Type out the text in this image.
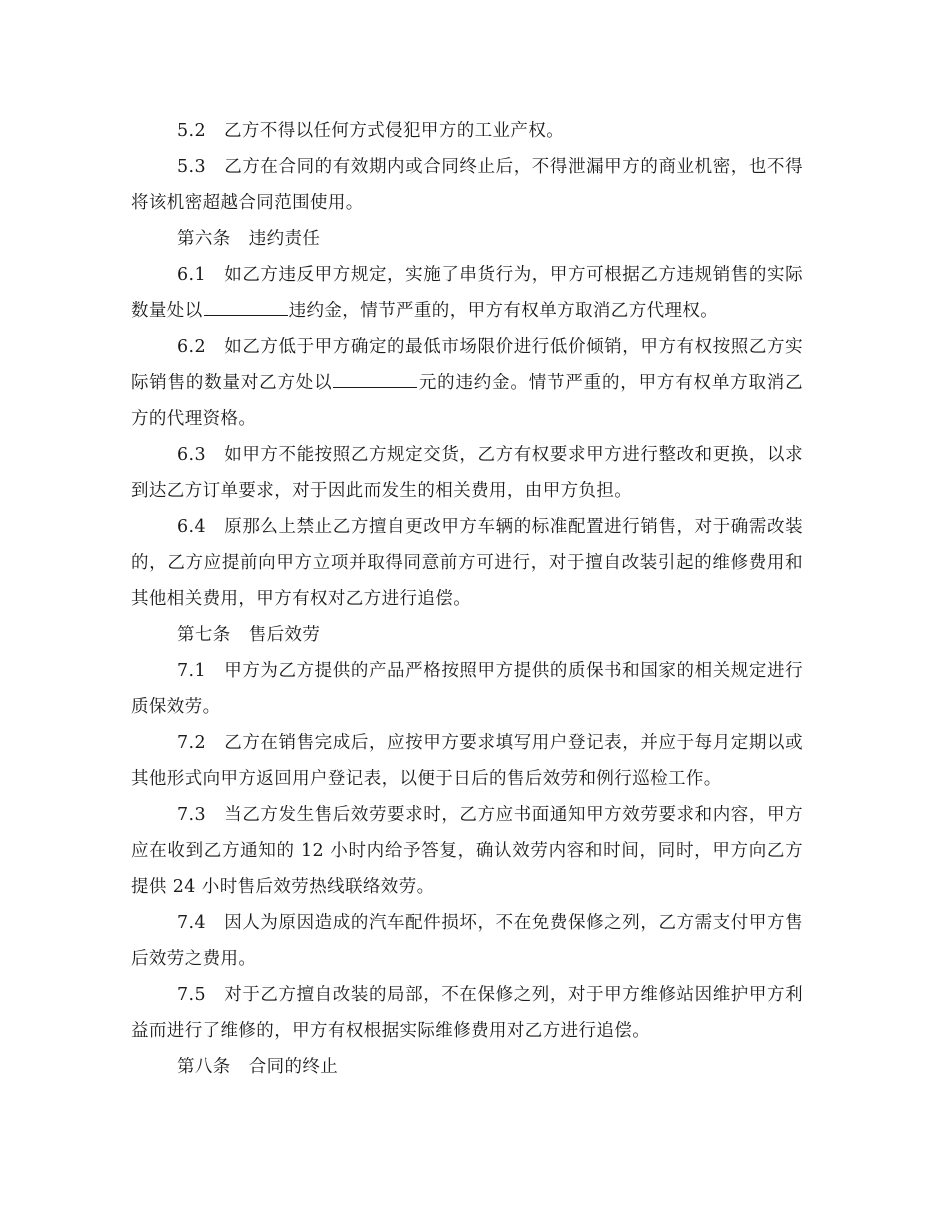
5.2 乙方不得以任何方式侵犯甲方的工业产权。

5.3 乙方在合同的有效期内或合同终止后，不得泄漏甲方的商业机密，也不得将该机密超越合同范围使用。

第六条 违约责任

6.1 如乙方违反甲方规定，实施了串货行为，甲方可根据乙方违规销售的实际数量处以	违约金，情节严重的，甲方有权单方取消乙方代理权。

6.2 如乙方低于甲方确定的最低市场限价进行低价倾销，甲方有权按照乙方实际销售的数量对乙方处以	元的违约金。情节严重的，甲方有权单方取消乙方的代理资格。

6.3 如甲方不能按照乙方规定交货，乙方有权要求甲方进行整改和更换，以求到达乙方订单要求，对于因此而发生的相关费用，由甲方负担。

6.4 原那么上禁止乙方擅自更改甲方车辆的标准配置进行销售，对于确需改装的，乙方应提前向甲方立项并取得同意前方可进行，对于擅自改装引起的维修费用和其他相关费用，甲方有权对乙方进行追偿。

第七条 售后效劳

7.1 甲方为乙方提供的产品严格按照甲方提供的质保书和国家的相关规定进行质保效劳。

7.2 乙方在销售完成后，应按甲方要求填写用户登记表，并应于每月定期以或其他形式向甲方返回用户登记表，以便于日后的售后效劳和例行巡检工作。

7.3 当乙方发生售后效劳要求时，乙方应书面通知甲方效劳要求和内容，甲方应在收到乙方通知的 12 小时内给予答复，确认效劳内容和时间，同时，甲方向乙方提供 24 小时售后效劳热线联络效劳。

7.4 因人为原因造成的汽车配件损坏，不在免费保修之列，乙方需支付甲方售后效劳之费用。

7.5 对于乙方擅自改装的局部，不在保修之列，对于甲方维修站因维护甲方利益而进行了维修的，甲方有权根据实际维修费用对乙方进行追偿。

第八条 合同的终止
